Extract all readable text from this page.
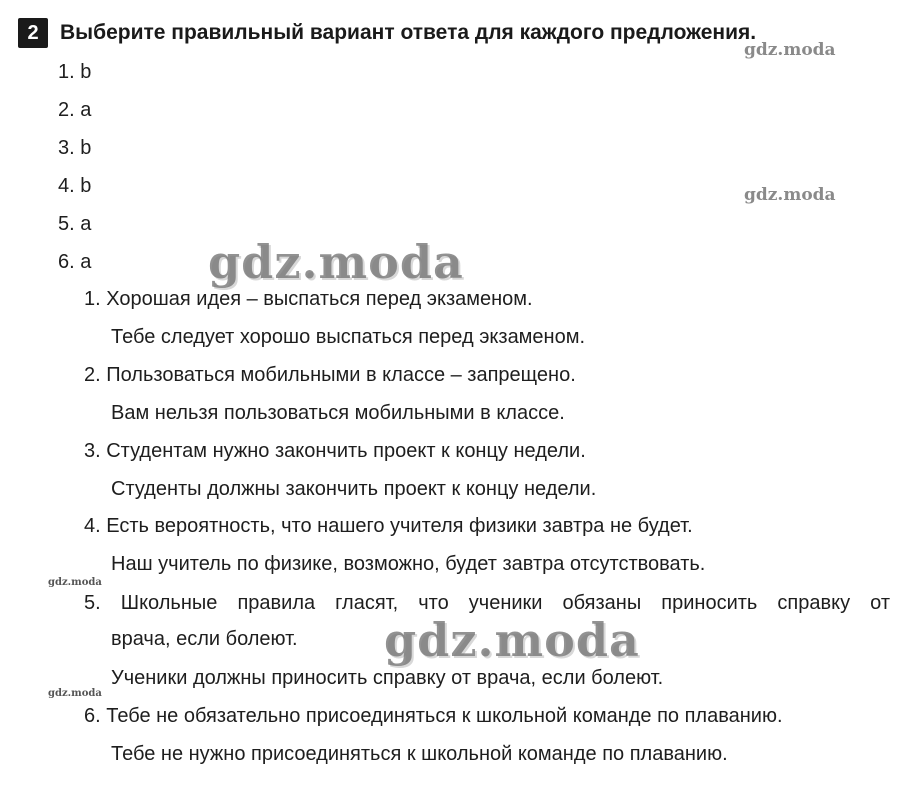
2	Выберите правильный вариант ответа для каждого предложения.
1. b
2. a
3. b
4. b
5. a
6. a
1. Хорошая идея – выспаться перед экзаменом.
Тебе следует хорошо выспаться перед экзаменом.
2. Пользоваться мобильными в классе – запрещено.
Вам нельзя пользоваться мобильными в классе.
3. Студентам нужно закончить проект к концу недели.
Студенты должны закончить проект к концу недели.
4. Есть вероятность, что нашего учителя физики завтра не будет.
Наш учитель по физике, возможно, будет завтра отсутствовать.
5. Школьные правила гласят, что ученики обязаны приносить справку от
врача, если болеют.
Ученики должны приносить справку от врача, если болеют.
6. Тебе не обязательно присоединяться к школьной команде по плаванию.
Тебе не нужно присоединяться к школьной команде по плаванию.
gdz.moda
gdz.moda
gdz.moda
gdz.moda
gdz.moda
gdz.moda
